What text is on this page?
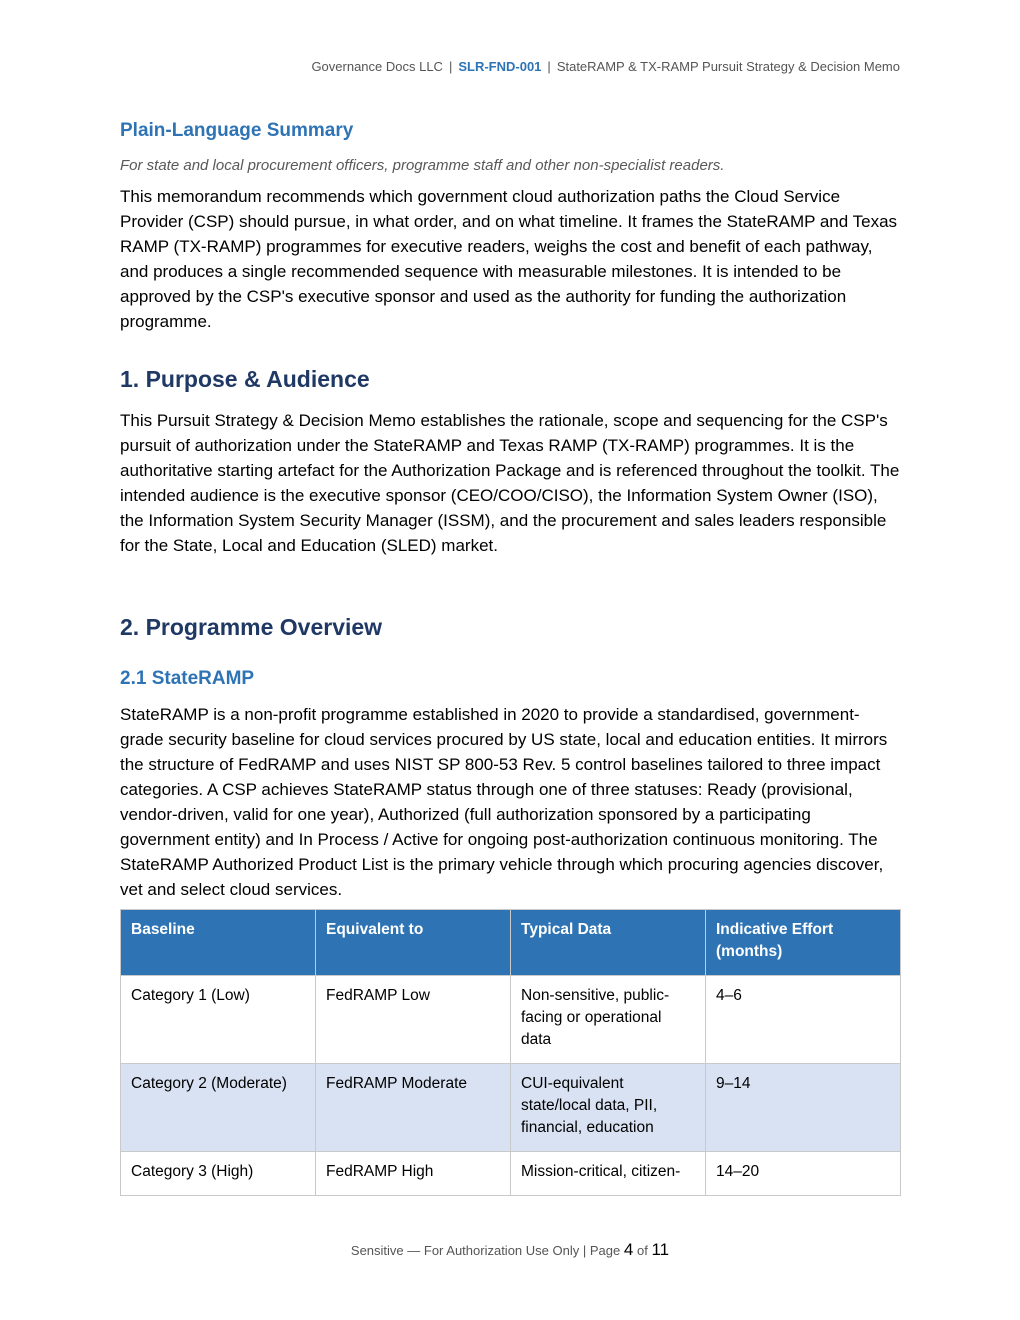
Governance Docs LLC | SLR-FND-001 | StateRAMP & TX-RAMP Pursuit Strategy & Decision Memo
Plain-Language Summary

For state and local procurement officers, programme staff and other non-specialist readers.

This memorandum recommends which government cloud authorization paths the Cloud Service Provider (CSP) should pursue, in what order, and on what timeline. It frames the StateRAMP and Texas RAMP (TX-RAMP) programmes for executive readers, weighs the cost and benefit of each pathway, and produces a single recommended sequence with measurable milestones. It is intended to be approved by the CSP's executive sponsor and used as the authority for funding the authorization programme.

1. Purpose & Audience

This Pursuit Strategy & Decision Memo establishes the rationale, scope and sequencing for the CSP's pursuit of authorization under the StateRAMP and Texas RAMP (TX-RAMP) programmes. It is the authoritative starting artefact for the Authorization Package and is referenced throughout the toolkit. The intended audience is the executive sponsor (CEO/COO/CISO), the Information System Owner (ISO), the Information System Security Manager (ISSM), and the procurement and sales leaders responsible for the State, Local and Education (SLED) market.

2. Programme Overview
2.1 StateRAMP

StateRAMP is a non-profit programme established in 2020 to provide a standardised, government-grade security baseline for cloud services procured by US state, local and education entities. It mirrors the structure of FedRAMP and uses NIST SP 800-53 Rev. 5 control baselines tailored to three impact categories. A CSP achieves StateRAMP status through one of three statuses: Ready (provisional, vendor-driven, valid for one year), Authorized (full authorization sponsored by a participating government entity) and In Process / Active for ongoing post-authorization continuous monitoring. The StateRAMP Authorized Product List is the primary vehicle through which procuring agencies discover, vet and select cloud services.

Baseline	Equivalent to	Typical Data	Indicative Effort (months)
Category 1 (Low)	FedRAMP Low	Non-sensitive, public-facing or operational data	4–6
Category 2 (Moderate)	FedRAMP Moderate	CUI-equivalent state/local data, PII, financial, education	9–14
Category 3 (High)	FedRAMP High	Mission-critical, citizen-	14–20
Sensitive — For Authorization Use Only | Page 4 of 11
